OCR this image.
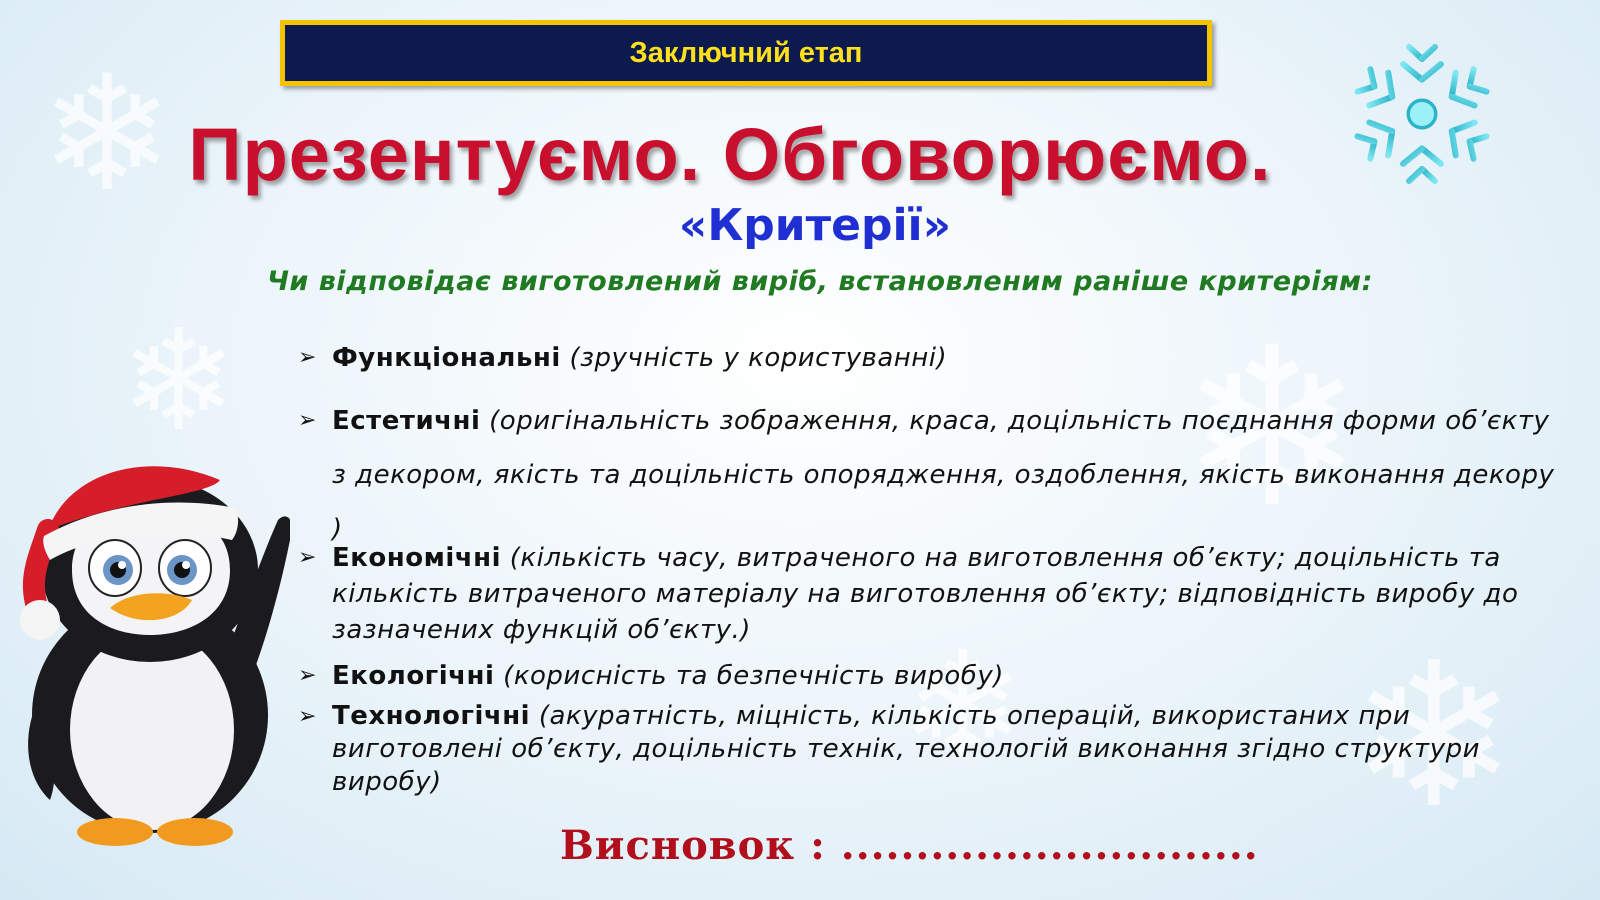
❄
❄
❄
❄
❄
Заключний етап
Презентуємо. Обговорюємо.
«Критерії»
Чи відповідає виготовлений виріб, встановленим раніше критеріям:
➢ Функціональні (зручність у користуванні)
➢ Естетичні (оригінальність зображення, краса, доцільність поєднання форми об’єкту з декором, якість та доцільність опорядження, оздоблення, якість виконання декору )
➢ Економічні (кількість часу, витраченого на виготовлення об’єкту; доцільність та кількість витраченого матеріалу на виготовлення об’єкту; відповідність виробу до зазначених функцій об’єкту.)
➢ Екологічні (корисність та безпечність виробу)
➢ Технологічні (акуратність, міцність, кількість операцій, використаних при виготовлені об’єкту, доцільність технік, технологій виконання згідно структури виробу)
Висновок : ............................
